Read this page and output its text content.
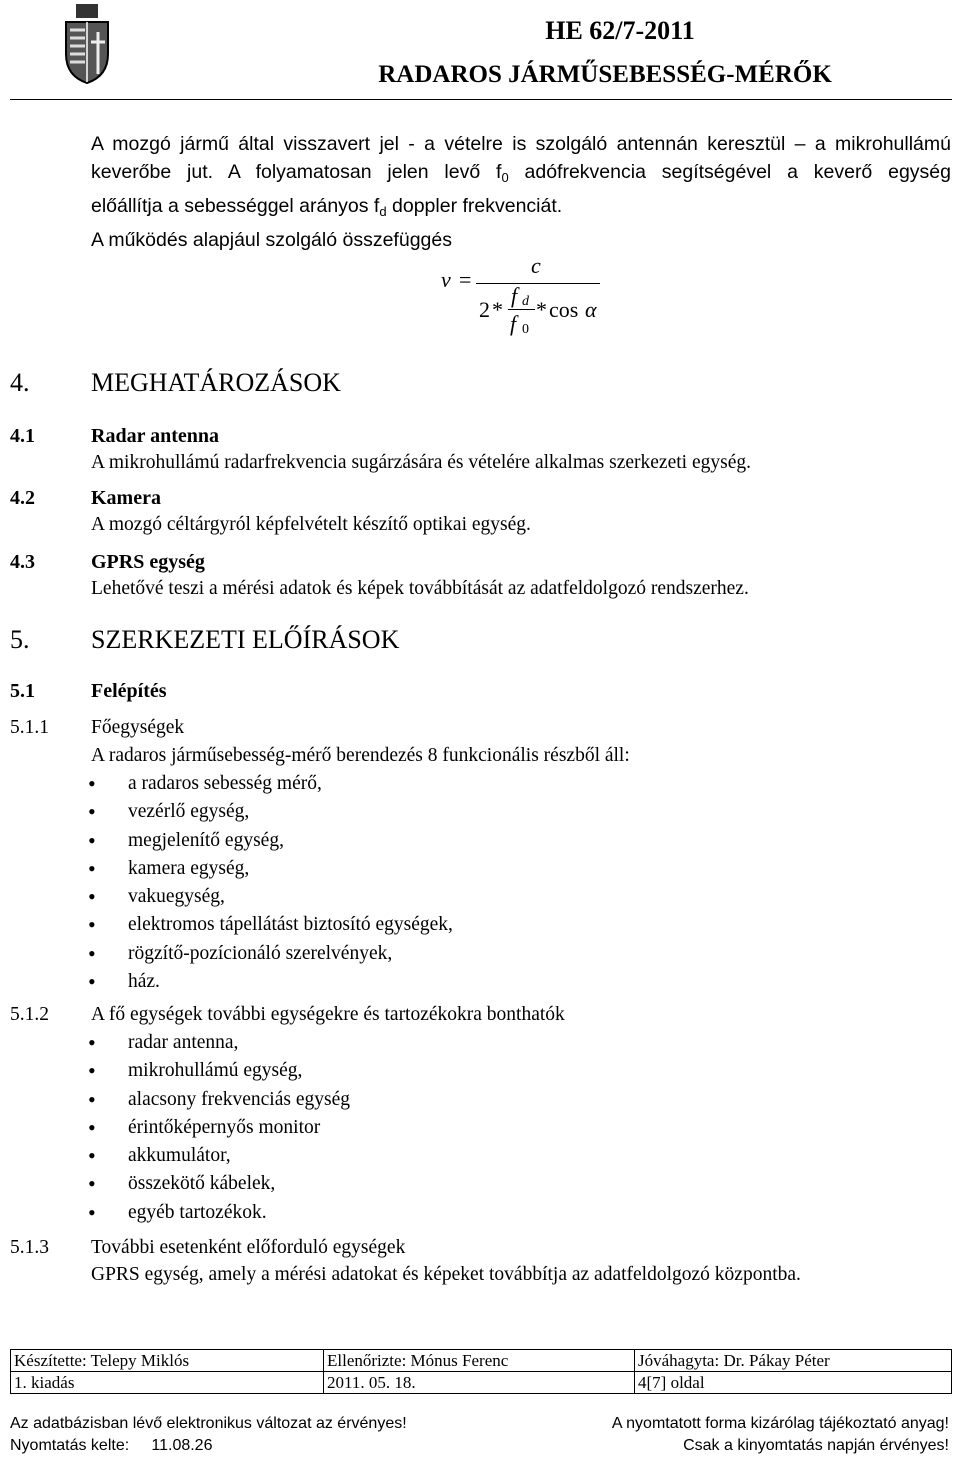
HE 62/7-2011
RADAROS JÁRMŰSEBESSÉG-MÉRŐK
A mozgó jármű által visszavert jel - a vételre is szolgáló antennán keresztül – a mikrohullámú
keverőbe jut. A folyamatosan jelen levő $f_0$ adófrekvencia segítségével a keverő egység
előállítja a sebességgel arányos $f_d$ doppler frekvenciát.
A működés alapjául szolgáló összefüggés
v =
c
2 *
f d
f 0
* cos α
4. MEGHATÁROZÁSOK
4.1	Radar antenna
A mikrohullámú radarfrekvencia sugárzására és vételére alkalmas szerkezeti egység.
4.2	Kamera
A mozgó céltárgyról képfelvételt készítő optikai egység.
4.3	GPRS egység
Lehetővé teszi a mérési adatok és képek továbbítását az adatfeldolgozó rendszerhez.
5. SZERKEZETI ELŐÍRÁSOK
5.1	Felépítés
5.1.1 Főegységek
A radaros járműsebesség-mérő berendezés 8 funkcionális részből áll:
• a radaros sebesség mérő,
• vezérlő egység,
• megjelenítő egység,
• kamera egység,
• vakuegység,
• elektromos tápellátást biztosító egységek,
• rögzítő-pozícionáló szerelvények,
• ház.
5.1.2 A fő egységek további egységekre és tartozékokra bonthatók
• radar antenna,
• mikrohullámú egység,
• alacsony frekvenciás egység
• érintőképernyős monitor
• akkumulátor,
• összekötő kábelek,
• egyéb tartozékok.
5.1.3 További esetenként előforduló egységek
GPRS egység, amely a mérési adatokat és képeket továbbítja az adatfeldolgozó központba.
Készítette: Telepy Miklós	Ellenőrizte: Mónus Ferenc	Jóváhagyta: Dr. Pákay Péter
1. kiadás	2011. 05. 18.	4[7] oldal
Az adatbázisban lévő elektronikus változat az érvényes!	A nyomtatott forma kizárólag tájékoztató anyag!
Nyomtatás kelte:     11.08.26	Csak a kinyomtatás napján érvényes!
